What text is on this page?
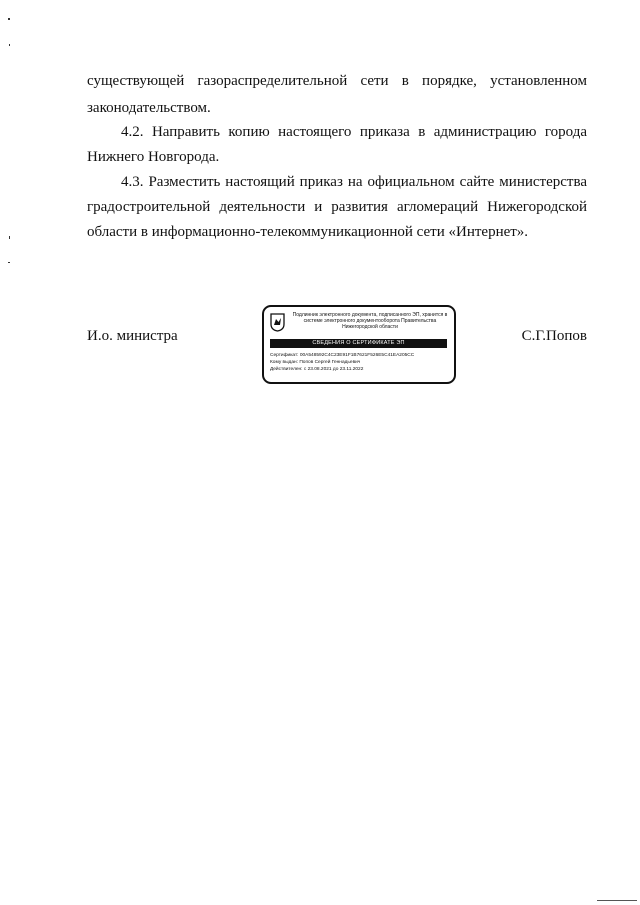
существующей газораспределительной сети в порядке, установленном

законодательством.

4.2. Направить копию настоящего приказа в администрацию города

Нижнего Новгорода.

4.3. Разместить настоящий приказ на официальном сайте министерства

градостроительной деятельности и развития агломераций Нижегородской

области в информационно-телекоммуникационной сети «Интернет».

И.о. министра	С.Г.Попов
Подлинник электронного документа, подписанного ЭП, хранится в системе электронного документооборота Правительства Нижегородской области
СВЕДЕНИЯ О СЕРТИФИКАТЕ ЭП
Сертификат: 00A548592C4C23E91F1B7621F526E5C41EA205CC
Кому выдан: Попов Сергей Геннадьевич
Действителен: с 23.08.2021 до 23.11.2022
